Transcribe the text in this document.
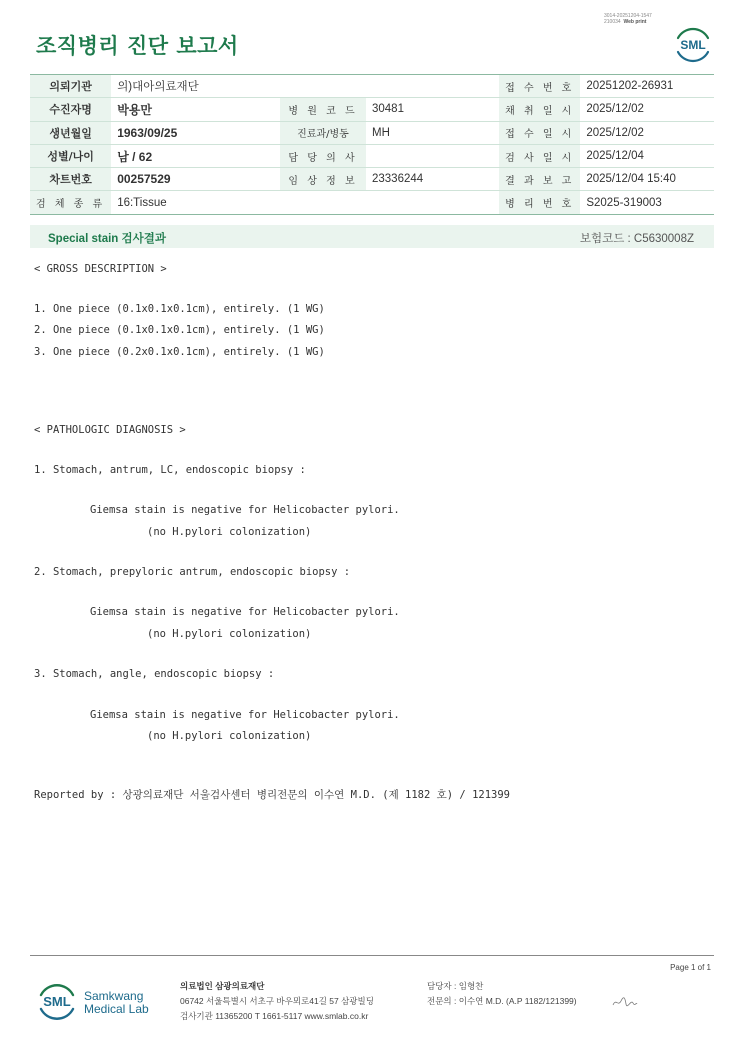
3014-20251204-1547
210034 Web print
조직병리 진단 보고서	SML
의뢰기관	의)대아의료재단			접 수 번 호	20251202-26931
수진자명	박용만	병 원 코 드	30481	채 취 일 시	2025/12/02
생년월일	1963/09/25	진료과/병동	MH	접 수 일 시	2025/12/02
성별/나이	남 / 62	담 당 의 사		검 사 일 시	2025/12/04
차트번호	00257529	임 상 정 보	23336244	결 과 보 고	2025/12/04 15:40
검 체 종 류	16:Tissue			병 리 번 호	S2025-319003
Special stain 검사결과	보험코드 : C5630008Z
< GROSS DESCRIPTION >
1. One piece (0.1x0.1x0.1cm), entirely. (1 WG)
2. One piece (0.1x0.1x0.1cm), entirely. (1 WG)
3. One piece (0.2x0.1x0.1cm), entirely. (1 WG)
< PATHOLOGIC DIAGNOSIS >
1. Stomach, antrum, LC, endoscopic biopsy :
Giemsa stain is negative for Helicobacter pylori.
(no H.pylori colonization)
2. Stomach, prepyloric antrum, endoscopic biopsy :
Giemsa stain is negative for Helicobacter pylori.
(no H.pylori colonization)
3. Stomach, angle, endoscopic biopsy :
Giemsa stain is negative for Helicobacter pylori.
(no H.pylori colonization)
Reported by : 상광의료재단 서울검사센터 병리전문의 이수연 M.D. (제 1182 호) / 121399
Page 1 of 1
SML Samkwang
Medical Lab
의료법인 삼광의료재단
06742 서울특별시 서초구 바우뫼로41길 57 삼광빌딩
검사기관 11365200 T 1661-5117 www.smlab.co.kr
담당자 : 임형찬
전문의 : 이수연 M.D. (A.P 1182/121399)
